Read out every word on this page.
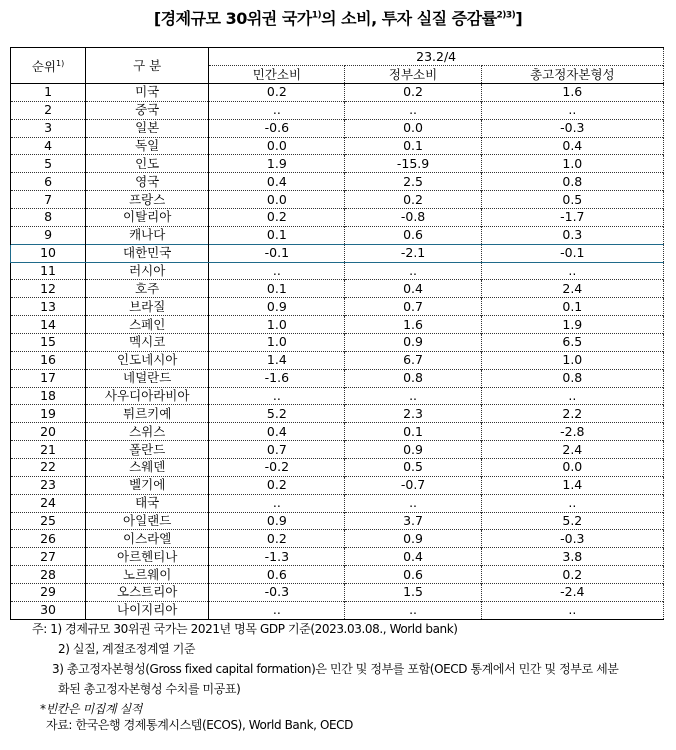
[경제규모 30위권 국가$^{1)}$의 소비, 투자 실질 증감률$^{2)3)}$]
순위$^{1)}$	구 분	23.2/4		
		민간소비	정부소비	총고정자본형성
1	미국	0.2	0.2	1.6
2	중국	..	..	..
3	일본	-0.6	0.0	-0.3
4	독일	0.0	0.1	0.4
5	인도	1.9	-15.9	1.0
6	영국	0.4	2.5	0.8
7	프랑스	0.0	0.2	0.5
8	이탈리아	0.2	-0.8	-1.7
9	캐나다	0.1	0.6	0.3
10	대한민국	-0.1	-2.1	-0.1
11	러시아	..	..	..
12	호주	0.1	0.4	2.4
13	브라질	0.9	0.7	0.1
14	스페인	1.0	1.6	1.9
15	멕시코	1.0	0.9	6.5
16	인도네시아	1.4	6.7	1.0
17	네덜란드	-1.6	0.8	0.8
18	사우디아라비아	..	..	..
19	튀르키예	5.2	2.3	2.2
20	스위스	0.4	0.1	-2.8
21	폴란드	0.7	0.9	2.4
22	스웨덴	-0.2	0.5	0.0
23	벨기에	0.2	-0.7	1.4
24	태국	..	..	..
25	아일랜드	0.9	3.7	5.2
26	이스라엘	0.2	0.9	-0.3
27	아르헨티나	-1.3	0.4	3.8
28	노르웨이	0.6	0.6	0.2
29	오스트리아	-0.3	1.5	-2.4
30	나이지리아	..	..	..
주: 1) 경제규모 30위권 국가는 2021년 명목 GDP 기준(2023.03.08., World bank)
2) 실질, 계절조정계열 기준
3) 총고정자본형성(Gross fixed capital formation)은 민간 및 정부를 포함(OECD 통계에서 민간 및 정부로 세분
화된 총고정자본형성 수치를 미공표)
*빈칸은 미집계 실적
자료: 한국은행 경제통계시스템(ECOS), World Bank, OECD
